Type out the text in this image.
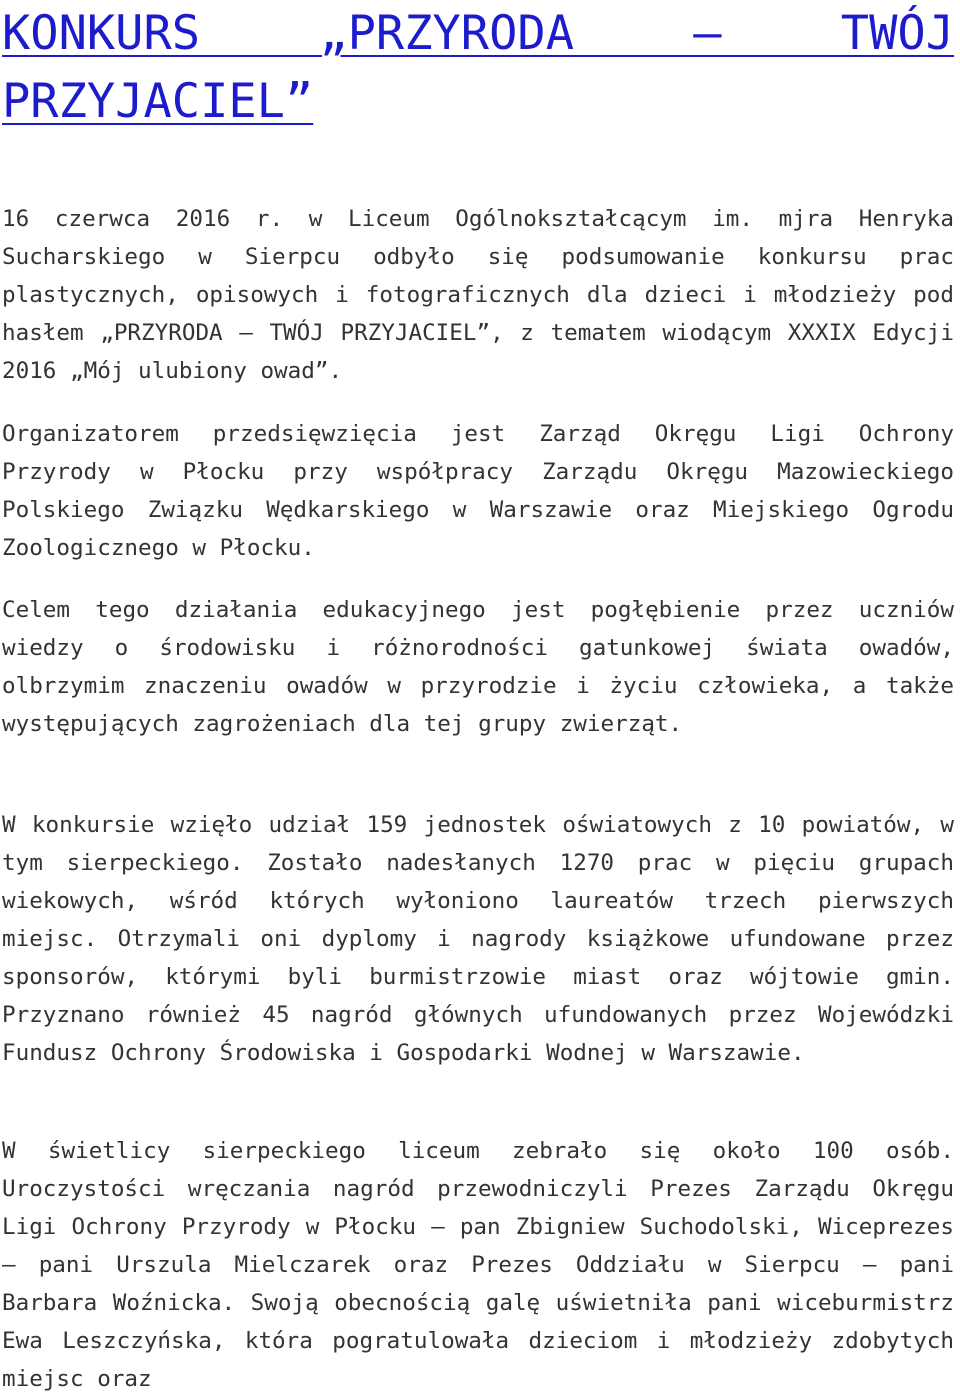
KONKURS „PRZYRODA – TWÓJ PRZYJACIEL”

16 czerwca 2016 r. w Liceum Ogólnokształcącym im. mjra Henryka Sucharskiego w Sierpcu odbyło się podsumowanie konkursu prac plastycznych, opisowych i fotograficznych dla dzieci i młodzieży pod hasłem „PRZYRODA – TWÓJ PRZYJACIEL”, z tematem wiodącym XXXIX Edycji 2016 „Mój ulubiony owad”.

Organizatorem przedsięwzięcia jest Zarząd Okręgu Ligi Ochrony Przyrody w Płocku przy współpracy Zarządu Okręgu Mazowieckiego Polskiego Związku Wędkarskiego w Warszawie oraz Miejskiego Ogrodu Zoologicznego w Płocku.

Celem tego działania edukacyjnego jest pogłębienie przez uczniów wiedzy o środowisku i różnorodności gatunkowej świata owadów, olbrzymim znaczeniu owadów w przyrodzie i życiu człowieka, a także występujących zagrożeniach dla tej grupy zwierząt.

W konkursie wzięło udział 159 jednostek oświatowych z 10 powiatów, w tym sierpeckiego. Zostało nadesłanych 1270 prac w pięciu grupach wiekowych, wśród których wyłoniono laureatów trzech pierwszych miejsc. Otrzymali oni dyplomy i nagrody książkowe ufundowane przez sponsorów, którymi byli burmistrzowie miast oraz wójtowie gmin. Przyznano również 45 nagród głównych ufundowanych przez Wojewódzki Fundusz Ochrony Środowiska i Gospodarki Wodnej w Warszawie.

W świetlicy sierpeckiego liceum zebrało się około 100 osób. Uroczystości wręczania nagród przewodniczyli Prezes Zarządu Okręgu Ligi Ochrony Przyrody w Płocku – pan Zbigniew Suchodolski, Wiceprezes – pani Urszula Mielczarek oraz Prezes Oddziału w Sierpcu – pani Barbara Woźnicka. Swoją obecnością galę uświetniła pani wiceburmistrz Ewa Leszczyńska, która pogratulowała dzieciom i młodzieży zdobytych miejsc oraz
